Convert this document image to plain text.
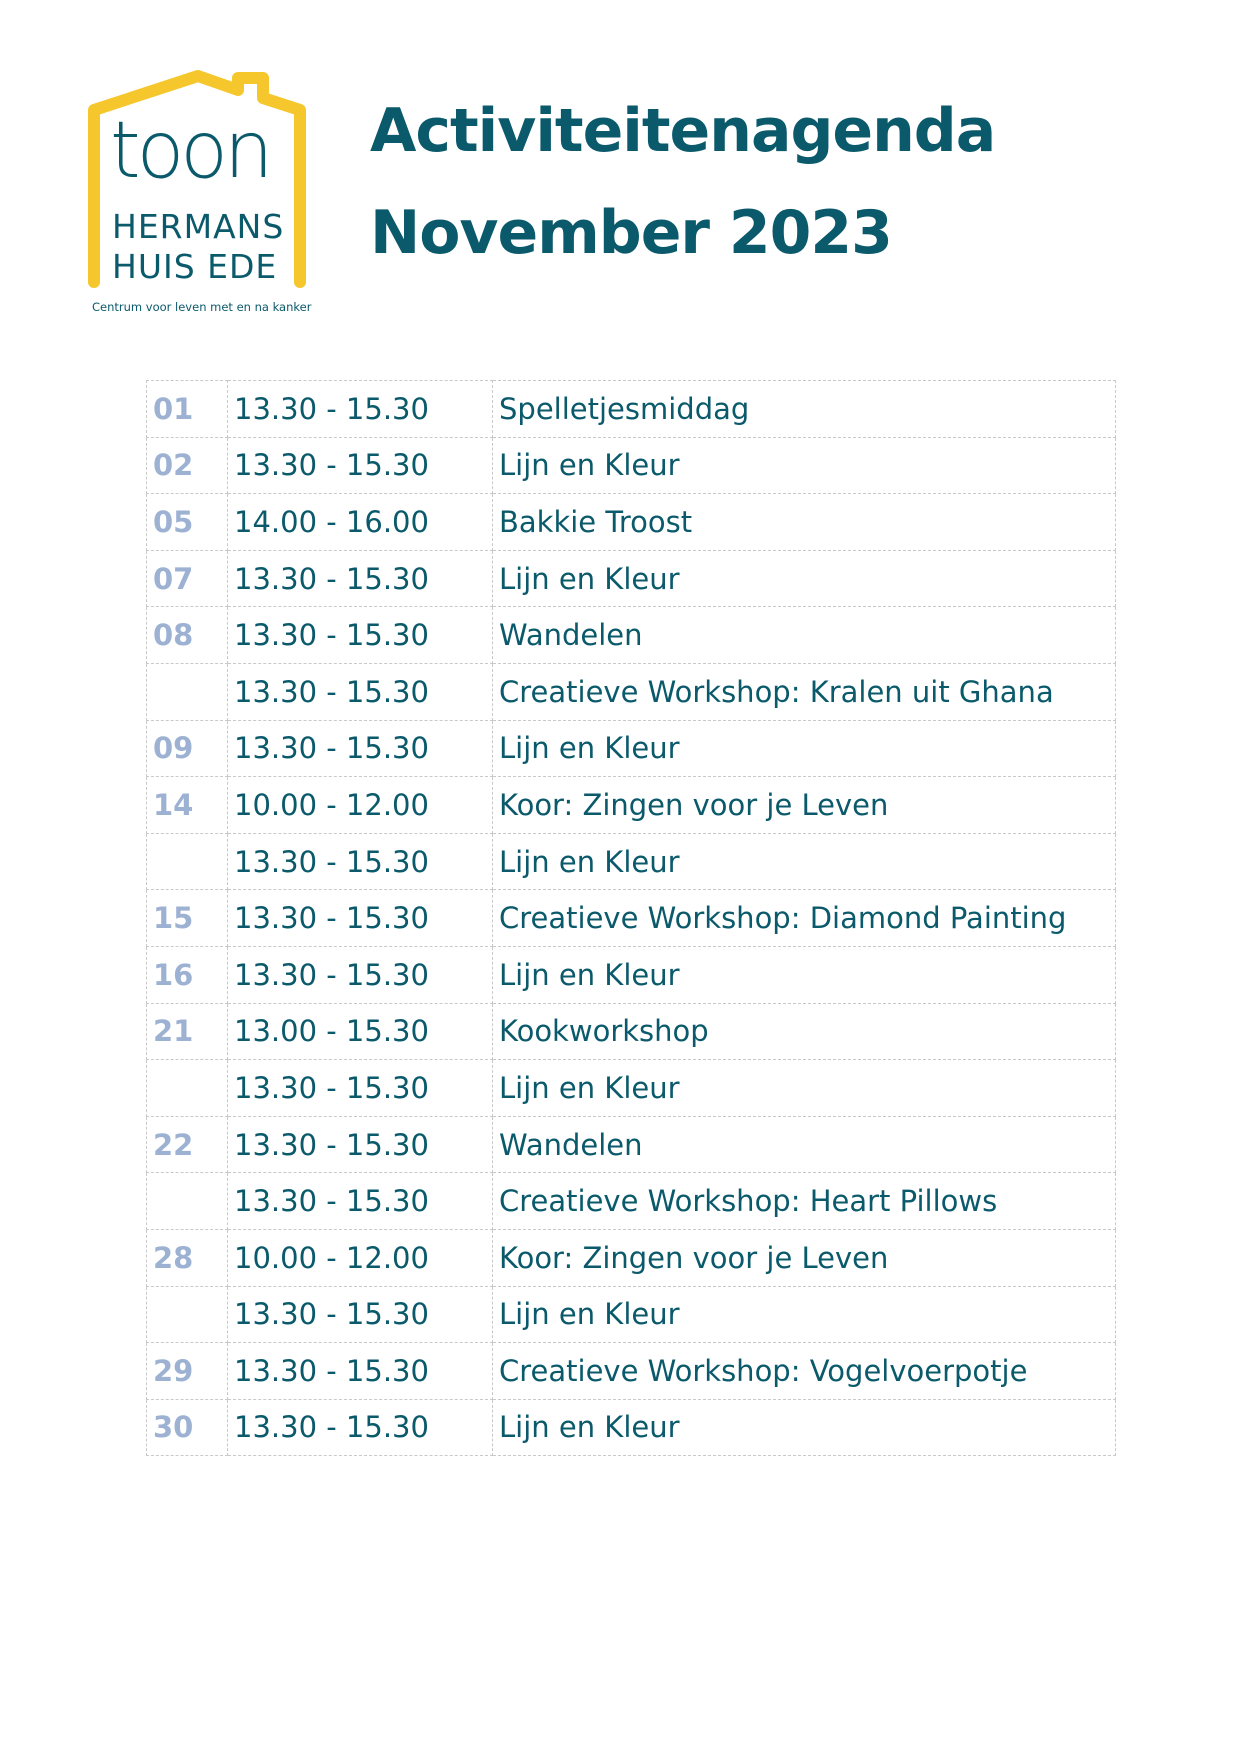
toon
HERMANS
HUIS EDE
Centrum voor leven met en na kanker
Activiteitenagenda
November 2023
01	13.30 - 15.30	Spelletjesmiddag
02	13.30 - 15.30	Lijn en Kleur
05	14.00 - 16.00	Bakkie Troost
07	13.30 - 15.30	Lijn en Kleur
08	13.30 - 15.30	Wandelen
	13.30 - 15.30	Creatieve Workshop: Kralen uit Ghana
09	13.30 - 15.30	Lijn en Kleur
14	10.00 - 12.00	Koor: Zingen voor je Leven
	13.30 - 15.30	Lijn en Kleur
15	13.30 - 15.30	Creatieve Workshop: Diamond Painting
16	13.30 - 15.30	Lijn en Kleur
21	13.00 - 15.30	Kookworkshop
	13.30 - 15.30	Lijn en Kleur
22	13.30 - 15.30	Wandelen
	13.30 - 15.30	Creatieve Workshop: Heart Pillows
28	10.00 - 12.00	Koor: Zingen voor je Leven
	13.30 - 15.30	Lijn en Kleur
29	13.30 - 15.30	Creatieve Workshop: Vogelvoerpotje
30	13.30 - 15.30	Lijn en Kleur
